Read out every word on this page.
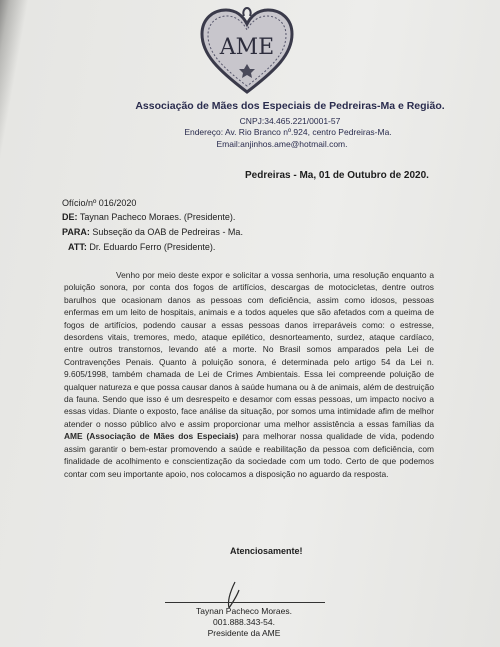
AME
Associação de Mães dos Especiais de Pedreiras-Ma e Região.
CNPJ:34.465.221/0001-57
Endereço: Av. Rio Branco nº.924, centro Pedreiras-Ma.
Email:anjinhos.ame@hotmail.com.
Pedreiras - Ma, 01 de Outubro de 2020.
Ofício/nº 016/2020
DE: Taynan Pacheco Moraes. (Presidente).
PARA: Subseção da OAB de Pedreiras - Ma.
ATT: Dr. Eduardo Ferro (Presidente).

Venho por meio deste expor e solicitar a vossa senhoria, uma resolução enquanto a poluição sonora, por conta dos fogos de artifícios, descargas de motocicletas, dentre outros barulhos que ocasionam danos as pessoas com deficiência, assim como idosos, pessoas enfermas em um leito de hospitais, animais e a todos aqueles que são afetados com a queima de fogos de artifícios, podendo causar a essas pessoas danos irreparáveis como: o estresse, desordens vitais, tremores, medo, ataque epilético, desnorteamento, surdez, ataque cardíaco, entre outros transtornos, levando até a morte. No Brasil somos amparados pela Lei de Contravenções Penais. Quanto à poluição sonora, é determinada pelo artigo 54 da Lei n. 9.605/1998, também chamada de Lei de Crimes Ambientais. Essa lei compreende poluição de qualquer natureza e que possa causar danos à saúde humana ou à de animais, além de destruição da fauna. Sendo que isso é um desrespeito e desamor com essas pessoas, um impacto nocivo a essas vidas. Diante o exposto, face análise da situação, por somos uma intimidade afim de melhor atender o nosso público alvo e assim proporcionar uma melhor assistência a essas famílias da AME (Associação de Mães dos Especiais) para melhorar nossa qualidade de vida, podendo assim garantir o bem-estar promovendo a saúde e reabilitação da pessoa com deficiência, com finalidade de acolhimento e conscientização da sociedade com um todo. Certo de que podemos contar com seu importante apoio, nos colocamos a disposição no aguardo da resposta.

Atenciosamente!
Taynan Pacheco Moraes.
001.888.343-54.
Presidente da AME
